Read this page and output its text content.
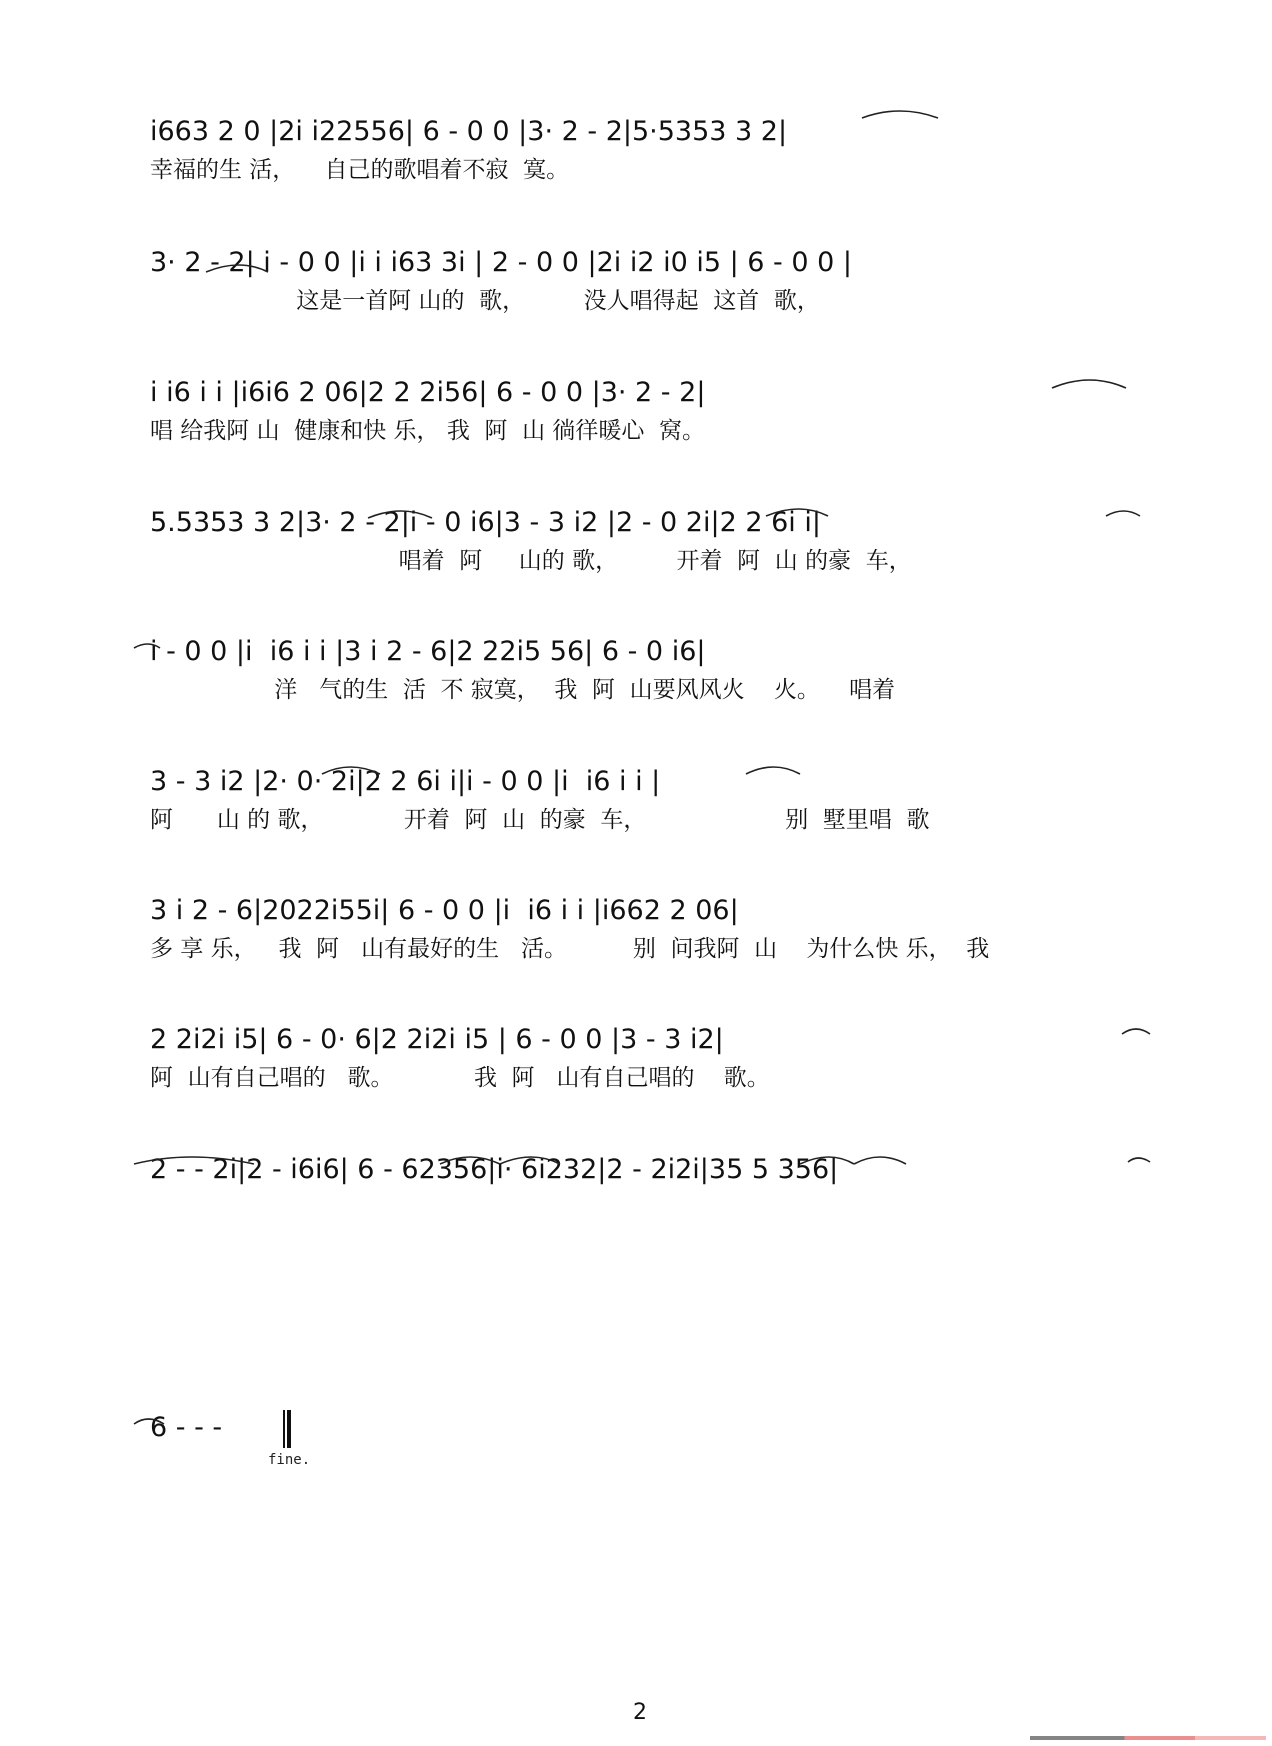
i663 2 0 |2i i22556| 6 - 0 0 |3· 2 - 2|5·5353 3 2|
幸福的生 活，    自己的歌唱着不寂  寞。
3· 2 - 2| i - 0 0 |i i i63 3i | 2 - 0 0 |2i i2 i0 i5 | 6 - 0 0 |
这是一首阿 山的  歌，        没人唱得起  这首  歌，
i i6 i i |i6i6 2 06|2 2 2i56| 6 - 0 0 |3· 2 - 2|
唱 给我阿 山  健康和快 乐， 我  阿  山 徜徉暖心  窝。
5.5353 3 2|3· 2 - 2|i - 0 i6|3 - 3 i2 |2 - 0 2i|2 2 6i i|
唱着  阿     山的 歌，        开着  阿  山 的豪  车，
i - 0 0 |i  i6 i i |3 i 2 - 6|2 22i5 56| 6 - 0 i6|
洋   气的生  活  不 寂寞，  我  阿  山要风风火    火。    唱着
3 - 3 i2 |2· 0· 2i|2 2 6i i|i - 0 0 |i  i6 i i |
阿      山 的 歌，           开着  阿  山  的豪  车，                   别  墅里唱  歌
3 i 2 - 6|2022i55i| 6 - 0 0 |i  i6 i i |i662 2 06|
多 享 乐，   我  阿   山有最好的生   活。         别  问我阿  山    为什么快 乐，  我
2 2i2i i5| 6 - 0· 6|2 2i2i i5 | 6 - 0 0 |3 - 3 i2|
阿  山有自己唱的   歌。           我  阿   山有自己唱的    歌。
2 - - 2i|2 - i6i6| 6 - 62356|i· 6i232|2 - 2i2i|35 5 356|
6 - - -
fine.
2
